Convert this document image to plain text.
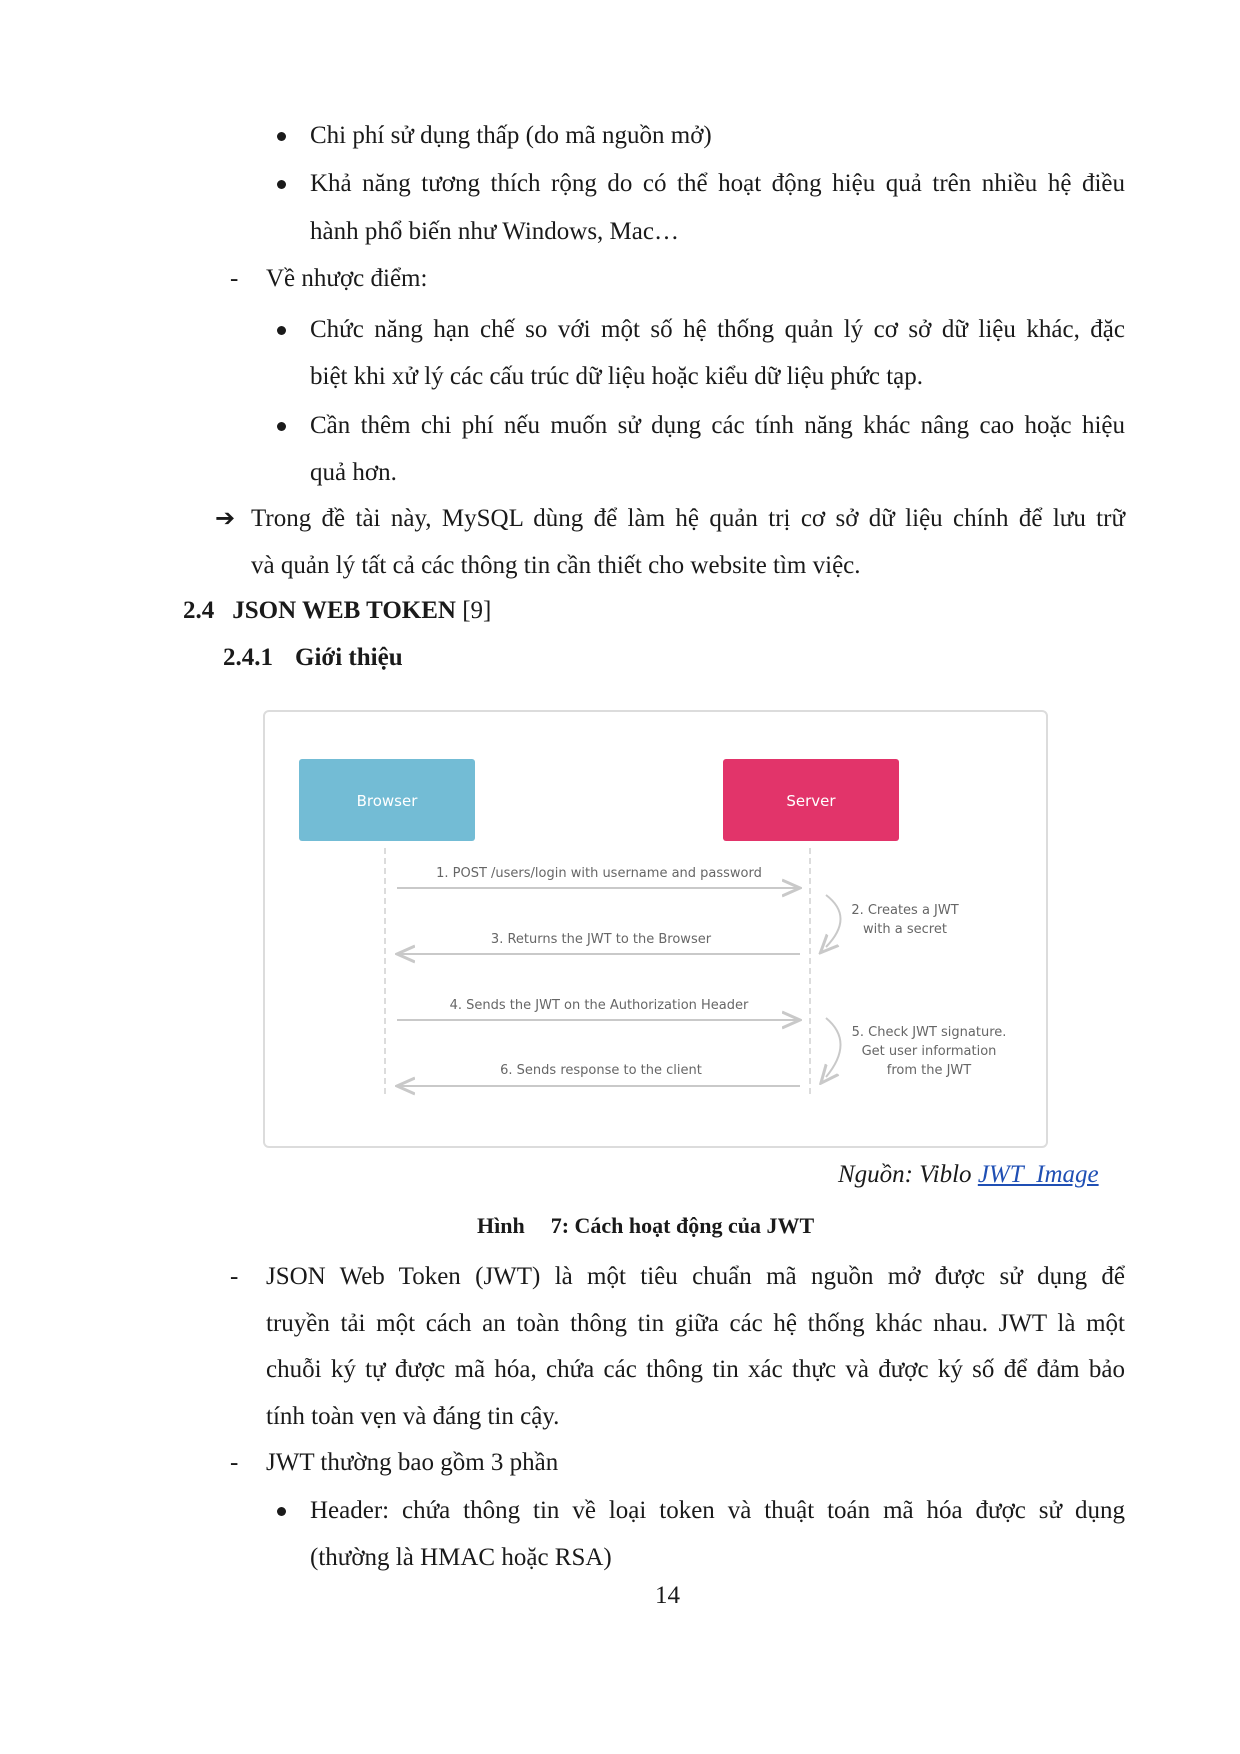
Chi phí sử dụng thấp (do mã nguồn mở)
Khả năng tương thích rộng do có thể hoạt động hiệu quả trên nhiều hệ điều
hành phổ biến như Windows, Mac…
- Về nhược điểm:
Chức năng hạn chế so với một số hệ thống quản lý cơ sở dữ liệu khác, đặc
biệt khi xử lý các cấu trúc dữ liệu hoặc kiểu dữ liệu phức tạp.
Cần thêm chi phí nếu muốn sử dụng các tính năng khác nâng cao hoặc hiệu
quả hơn.
➔ Trong đề tài này, MySQL dùng để làm hệ quản trị cơ sở dữ liệu chính để lưu trữ
và quản lý tất cả các thông tin cần thiết cho website tìm việc.
2.4 JSON WEB TOKEN [9]
2.4.1 Giới thiệu
Browser	Server
1. POST /users/login with username and password
2. Creates a JWT
with a secret
3. Returns the JWT to the Browser
4. Sends the JWT on the Authorization Header
5. Check JWT signature.
Get user information
from the JWT
6. Sends response to the client
Nguồn: Viblo JWT_Image
Hình 7: Cách hoạt động của JWT
- JSON Web Token (JWT) là một tiêu chuẩn mã nguồn mở được sử dụng để
truyền tải một cách an toàn thông tin giữa các hệ thống khác nhau. JWT là một
chuỗi ký tự được mã hóa, chứa các thông tin xác thực và được ký số để đảm bảo
tính toàn vẹn và đáng tin cậy.
- JWT thường bao gồm 3 phần
Header: chứa thông tin về loại token và thuật toán mã hóa được sử dụng
(thường là HMAC hoặc RSA)
14
